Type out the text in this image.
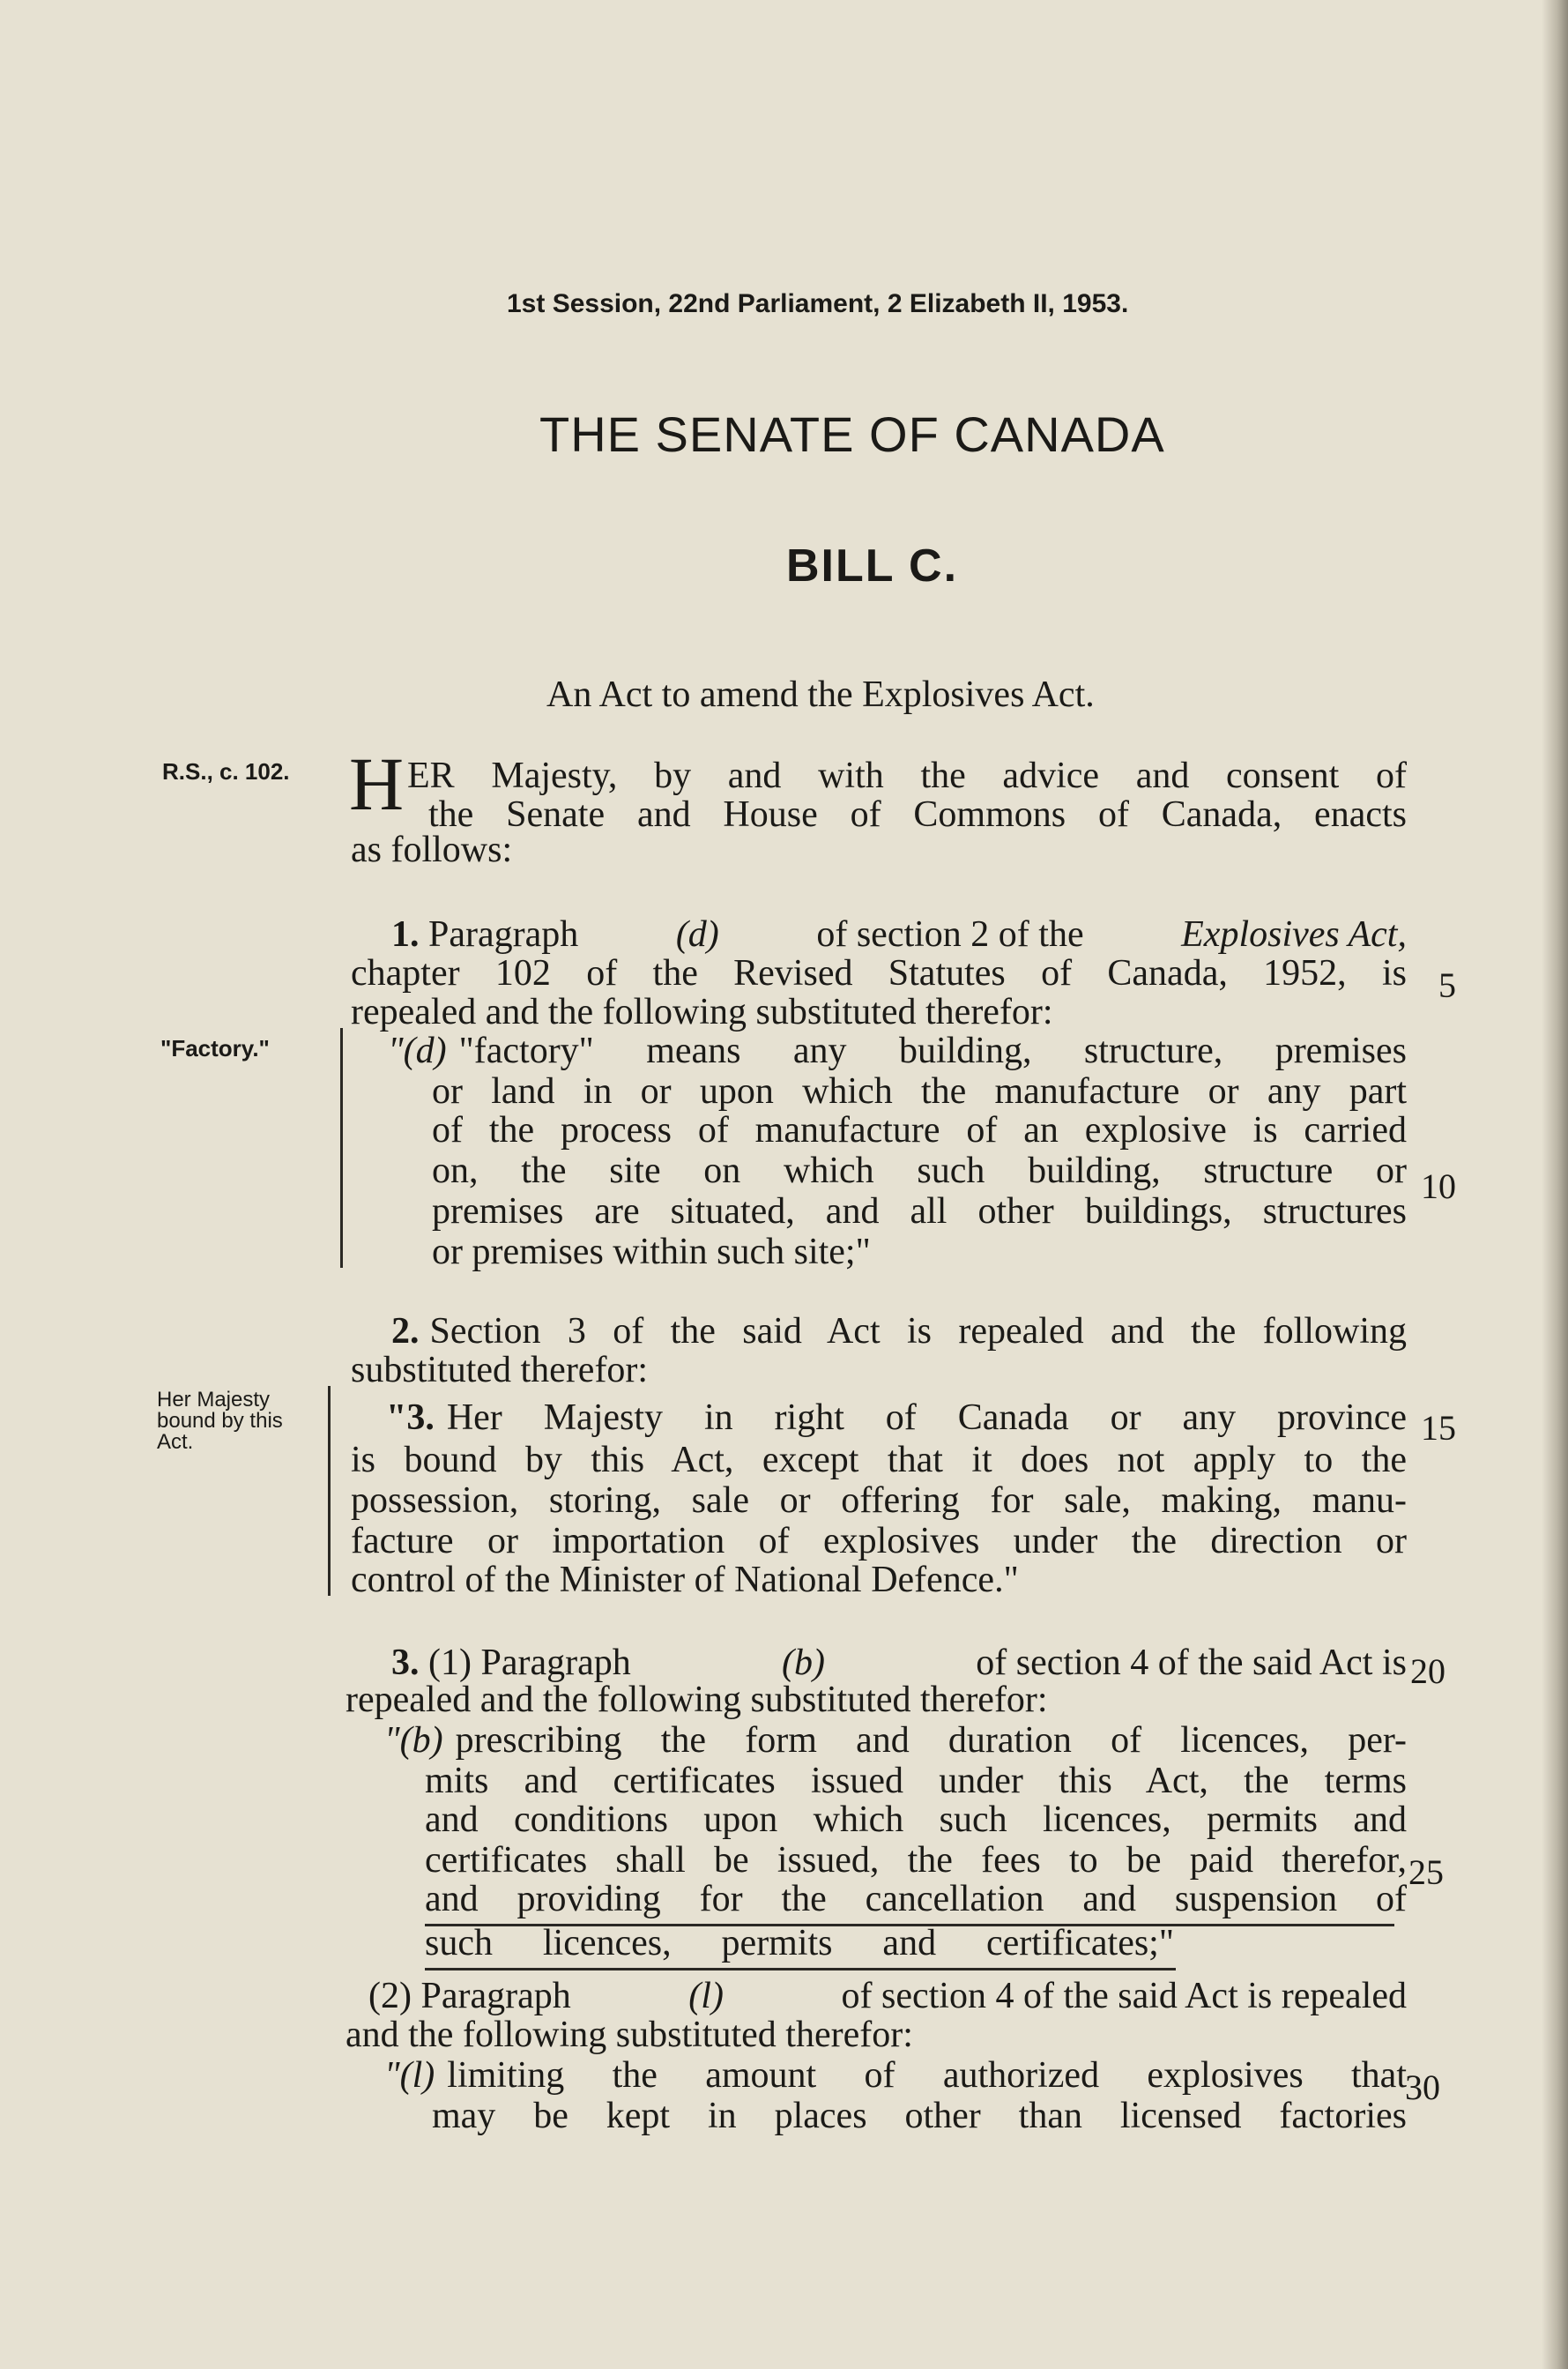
1st Session, 22nd Parliament, 2 Elizabeth II, 1953.
THE SENATE OF CANADA
BILL C.
An Act to amend the Explosives Act.
R.S., c. 102.
"Factory."
Her Majesty
bound by this
Act.
H ER Majesty, by and with the advice and consent of
the Senate and House of Commons of Canada, enacts
as follows:
1. Paragraph	(d)	of section 2 of the	Explosives Act,
chapter 102 of the Revised Statutes of Canada, 1952, is
repealed and the following substituted therefor:
"(d) "factory" means any building, structure, premises
or land in or upon which the manufacture or any part
of the process of manufacture of an explosive is carried
on, the site on which such building, structure or
premises are situated, and all other buildings, structures
or premises within such site;"
2. Section 3 of the said Act is repealed and the following
substituted therefor:
"3. Her Majesty in right of Canada or any province
is bound by this Act, except that it does not apply to the
possession, storing, sale or offering for sale, making, manu-
facture or importation of explosives under the direction or
control of the Minister of National Defence."
3. (1) Paragraph	(b)	of section 4 of the said Act is
repealed and the following substituted therefor:
"(b) prescribing the form and duration of licences, per-
mits and certificates issued under this Act, the terms
and conditions upon which such licences, permits and
certificates shall be issued, the fees to be paid therefor,
and providing for the cancellation and suspension of
such licences, permits and certificates;"
(2) Paragraph	(l)	of section 4 of the said Act is repealed
and the following substituted therefor:
"(l) limiting the amount of authorized explosives that
may be kept in places other than licensed factories
5
10
15
20
25
30
